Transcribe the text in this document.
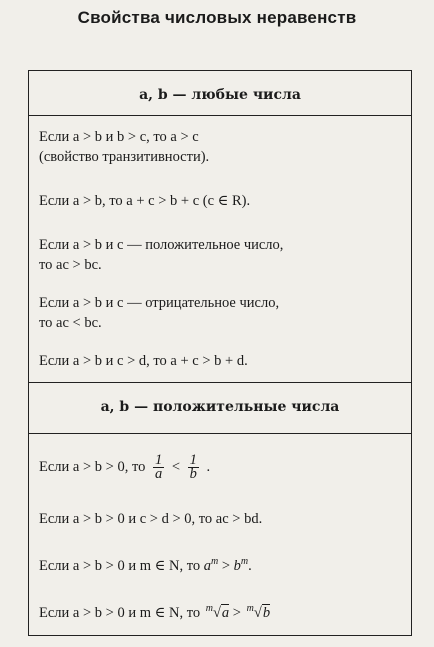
Свойства числовых неравенств
a, b — любые числа
Если a > b и b > c, то a > c
(свойство транзитивности).
Если a > b, то a + c > b + c (c ∈ R).
Если a > b и c — положительное число,
то ac > bc.
Если a > b и c — отрицательное число,
то ac < bc.
Если a > b и c > d, то a + c > b + d.
a, b — положительные числа
Если a > b > 0, то $\frac{1}{a} < \frac{1}{b}$ .
Если a > b > 0 и c > d > 0, то ac > bd.
Если a > b > 0 и m ∈ N, то $a^m > b^m$.
Если a > b > 0 и m ∈ N, то $^m$√a > $^m$√b
